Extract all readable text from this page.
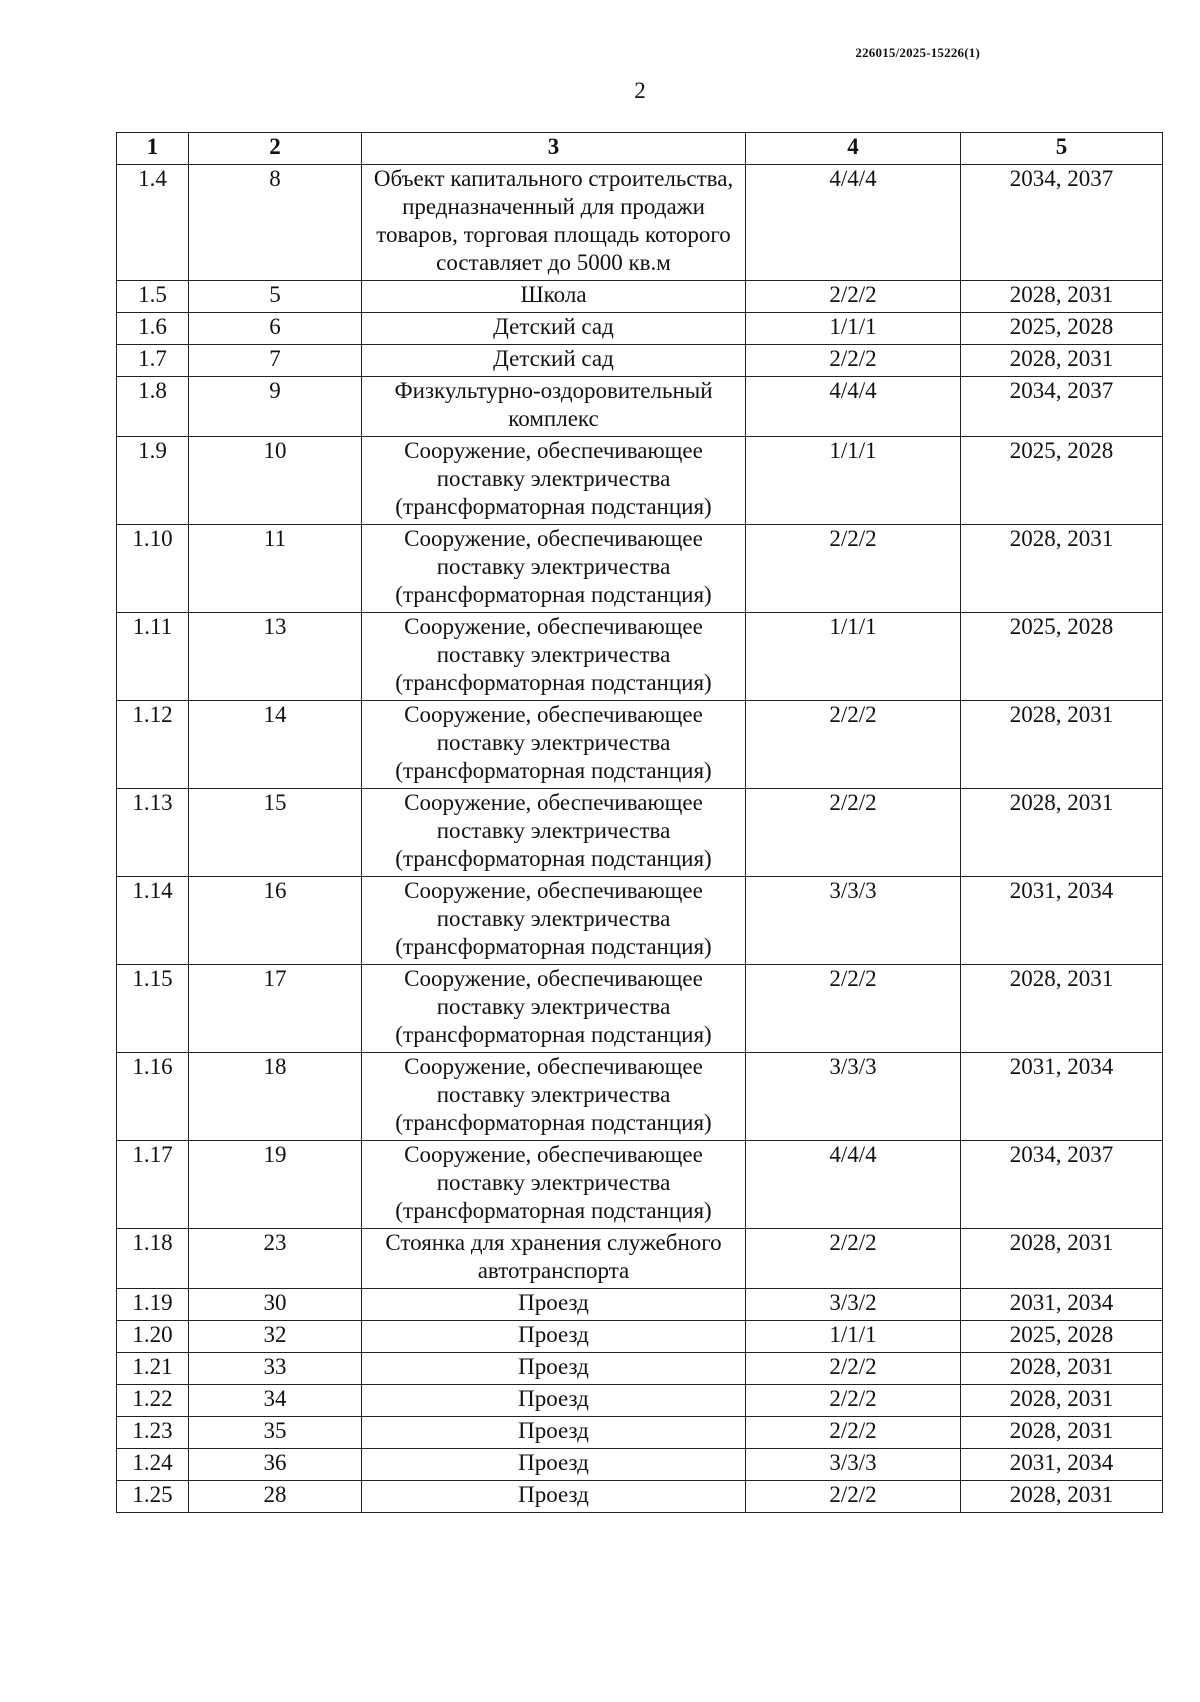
226015/2025-15226(1)
2
1	2	3	4	5
1.4	8	Объект капитального строительства, предназначенный для продажи товаров, торговая площадь которого составляет до 5000 кв.м	4/4/4	2034, 2037
1.5	5	Школа	2/2/2	2028, 2031
1.6	6	Детский сад	1/1/1	2025, 2028
1.7	7	Детский сад	2/2/2	2028, 2031
1.8	9	Физкультурно-оздоровительный комплекс	4/4/4	2034, 2037
1.9	10	Сооружение, обеспечивающее поставку электричества (трансформаторная подстанция)	1/1/1	2025, 2028
1.10	11	Сооружение, обеспечивающее поставку электричества (трансформаторная подстанция)	2/2/2	2028, 2031
1.11	13	Сооружение, обеспечивающее поставку электричества (трансформаторная подстанция)	1/1/1	2025, 2028
1.12	14	Сооружение, обеспечивающее поставку электричества (трансформаторная подстанция)	2/2/2	2028, 2031
1.13	15	Сооружение, обеспечивающее поставку электричества (трансформаторная подстанция)	2/2/2	2028, 2031
1.14	16	Сооружение, обеспечивающее поставку электричества (трансформаторная подстанция)	3/3/3	2031, 2034
1.15	17	Сооружение, обеспечивающее поставку электричества (трансформаторная подстанция)	2/2/2	2028, 2031
1.16	18	Сооружение, обеспечивающее поставку электричества (трансформаторная подстанция)	3/3/3	2031, 2034
1.17	19	Сооружение, обеспечивающее поставку электричества (трансформаторная подстанция)	4/4/4	2034, 2037
1.18	23	Стоянка для хранения служебного автотранспорта	2/2/2	2028, 2031
1.19	30	Проезд	3/3/2	2031, 2034
1.20	32	Проезд	1/1/1	2025, 2028
1.21	33	Проезд	2/2/2	2028, 2031
1.22	34	Проезд	2/2/2	2028, 2031
1.23	35	Проезд	2/2/2	2028, 2031
1.24	36	Проезд	3/3/3	2031, 2034
1.25	28	Проезд	2/2/2	2028, 2031
